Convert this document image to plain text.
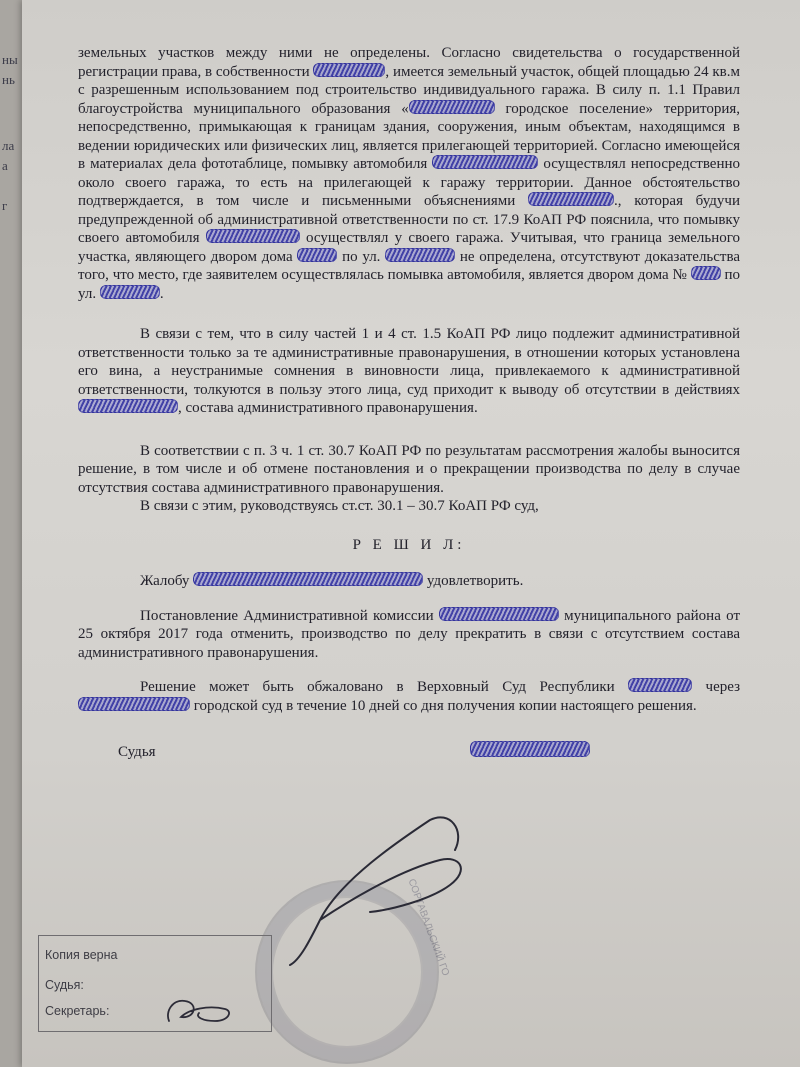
ны
нь
ла
а
г

земельных участков между ними не определены. Согласно свидетельства о государственной регистрации права, в собственности	, имеется земельный участок, общей площадью 24 кв.м с разрешенным использованием под строительство индивидуального гаража. В силу п. 1.1 Правил благоустройства муниципального образования «	городское поселение» территория, непосредственно, примыкающая к границам здания, сооружения, иным объектам, находящимся в ведении юридических или физических лиц, является прилегающей территорией. Согласно имеющейся в материалах дела фототаблице, помывку автомобиля	осуществлял непосредственно около своего гаража, то есть на прилегающей к гаражу территории. Данное обстоятельство подтверждается, в том числе и письменными объяснениями	., которая будучи предупрежденной об административной ответственности по ст. 17.9 КоАП РФ пояснила, что помывку своего автомобиля	осуществлял у своего гаража. Учитывая, что граница земельного участка, являющего двором дома	по ул.	не определена, отсутствуют доказательства того, что место, где заявителем осуществлялась помывка автомобиля, является двором дома №  по ул.	.

В связи с тем, что в силу частей 1 и 4 ст. 1.5 КоАП РФ лицо подлежит административной ответственности только за те административные правонарушения, в отношении которых установлена его вина, а неустранимые сомнения в виновности лица, привлекаемого к административной ответственности, толкуются в пользу этого лица, суд приходит к выводу об отсутствии в действиях , состава административного правонарушения.

В соответствии с п. 3 ч. 1 ст. 30.7 КоАП РФ по результатам рассмотрения жалобы выносится решение, в том числе и об отмене постановления и о прекращении производства по делу в случае отсутствия состава административного правонарушения.

В связи с этим, руководствуясь ст.ст. 30.1 – 30.7 КоАП РФ суд,

Р Е Ш И Л:

Жалобу	удовлетворить.

Постановление Административной комиссии	муниципального района от 25 октября 2017 года отменить, производство по делу прекратить в связи с отсутствием состава административного правонарушения.

Решение может быть обжаловано в Верховный Суд Республики	через  городской суд в течение 10 дней со дня получения копии настоящего решения.

Судья
СОРТАВАЛЬСКИЙ ГО
Копия верна
Судья:
Секретарь:
